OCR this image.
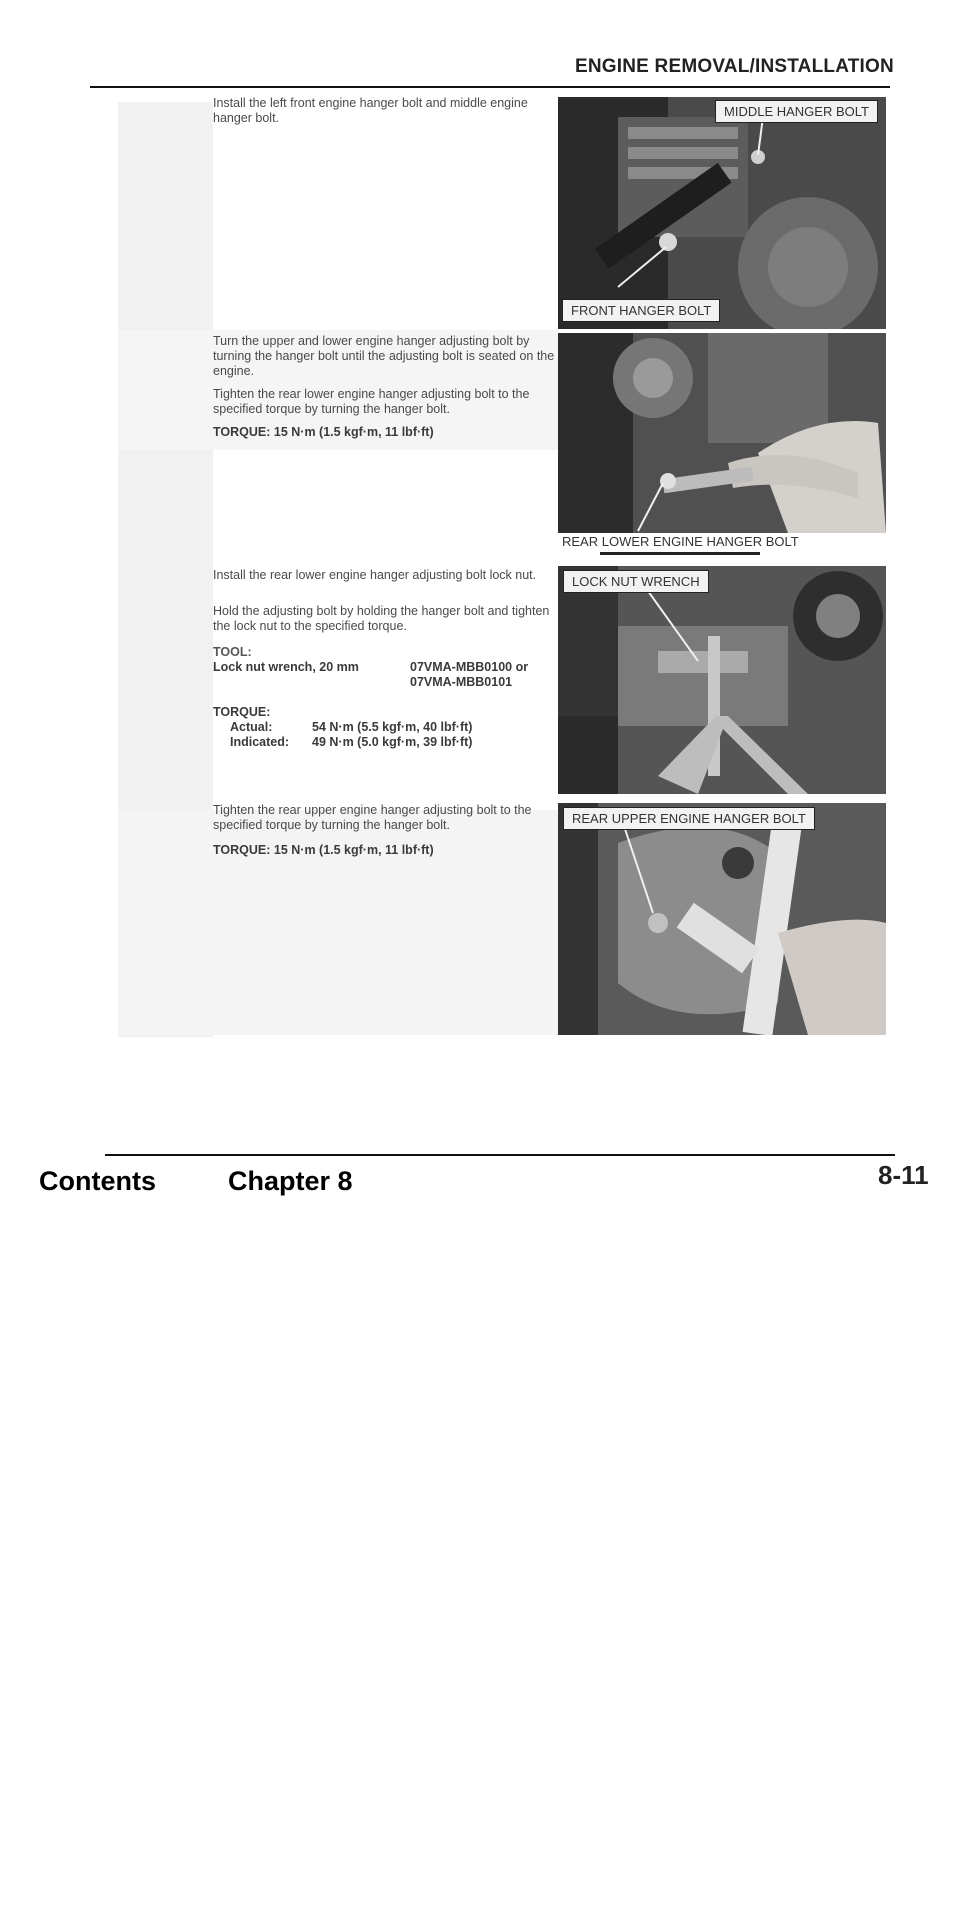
ENGINE REMOVAL/INSTALLATION
Install the left front engine hanger bolt and middle engine hanger bolt.	MIDDLE HANGER BOLT
FRONT HANGER BOLT
Turn the upper and lower engine hanger adjusting bolt by turning the hanger bolt until the adjusting bolt is seated on the engine.
Tighten the rear lower engine hanger adjusting bolt to the specified torque by turning the hanger bolt.
TORQUE: 15 N·m (1.5 kgf·m, 11 lbf·ft)
REAR LOWER ENGINE HANGER BOLT
Install the rear lower engine hanger adjusting bolt lock nut.
Hold the adjusting bolt by holding the hanger bolt and tighten the lock nut to the specified torque.
TOOL:
Lock nut wrench, 20 mm	07VMA-MBB0100 or
07VMA-MBB0101
TORQUE:
Actual:	54 N·m (5.5 kgf·m, 40 lbf·ft)
Indicated: 49 N·m (5.0 kgf·m, 39 lbf·ft)
LOCK NUT WRENCH
Tighten the rear upper engine hanger adjusting bolt to the specified torque by turning the hanger bolt.
TORQUE: 15 N·m (1.5 kgf·m, 11 lbf·ft)
REAR UPPER ENGINE HANGER BOLT
8-11
Contents	Chapter 8
